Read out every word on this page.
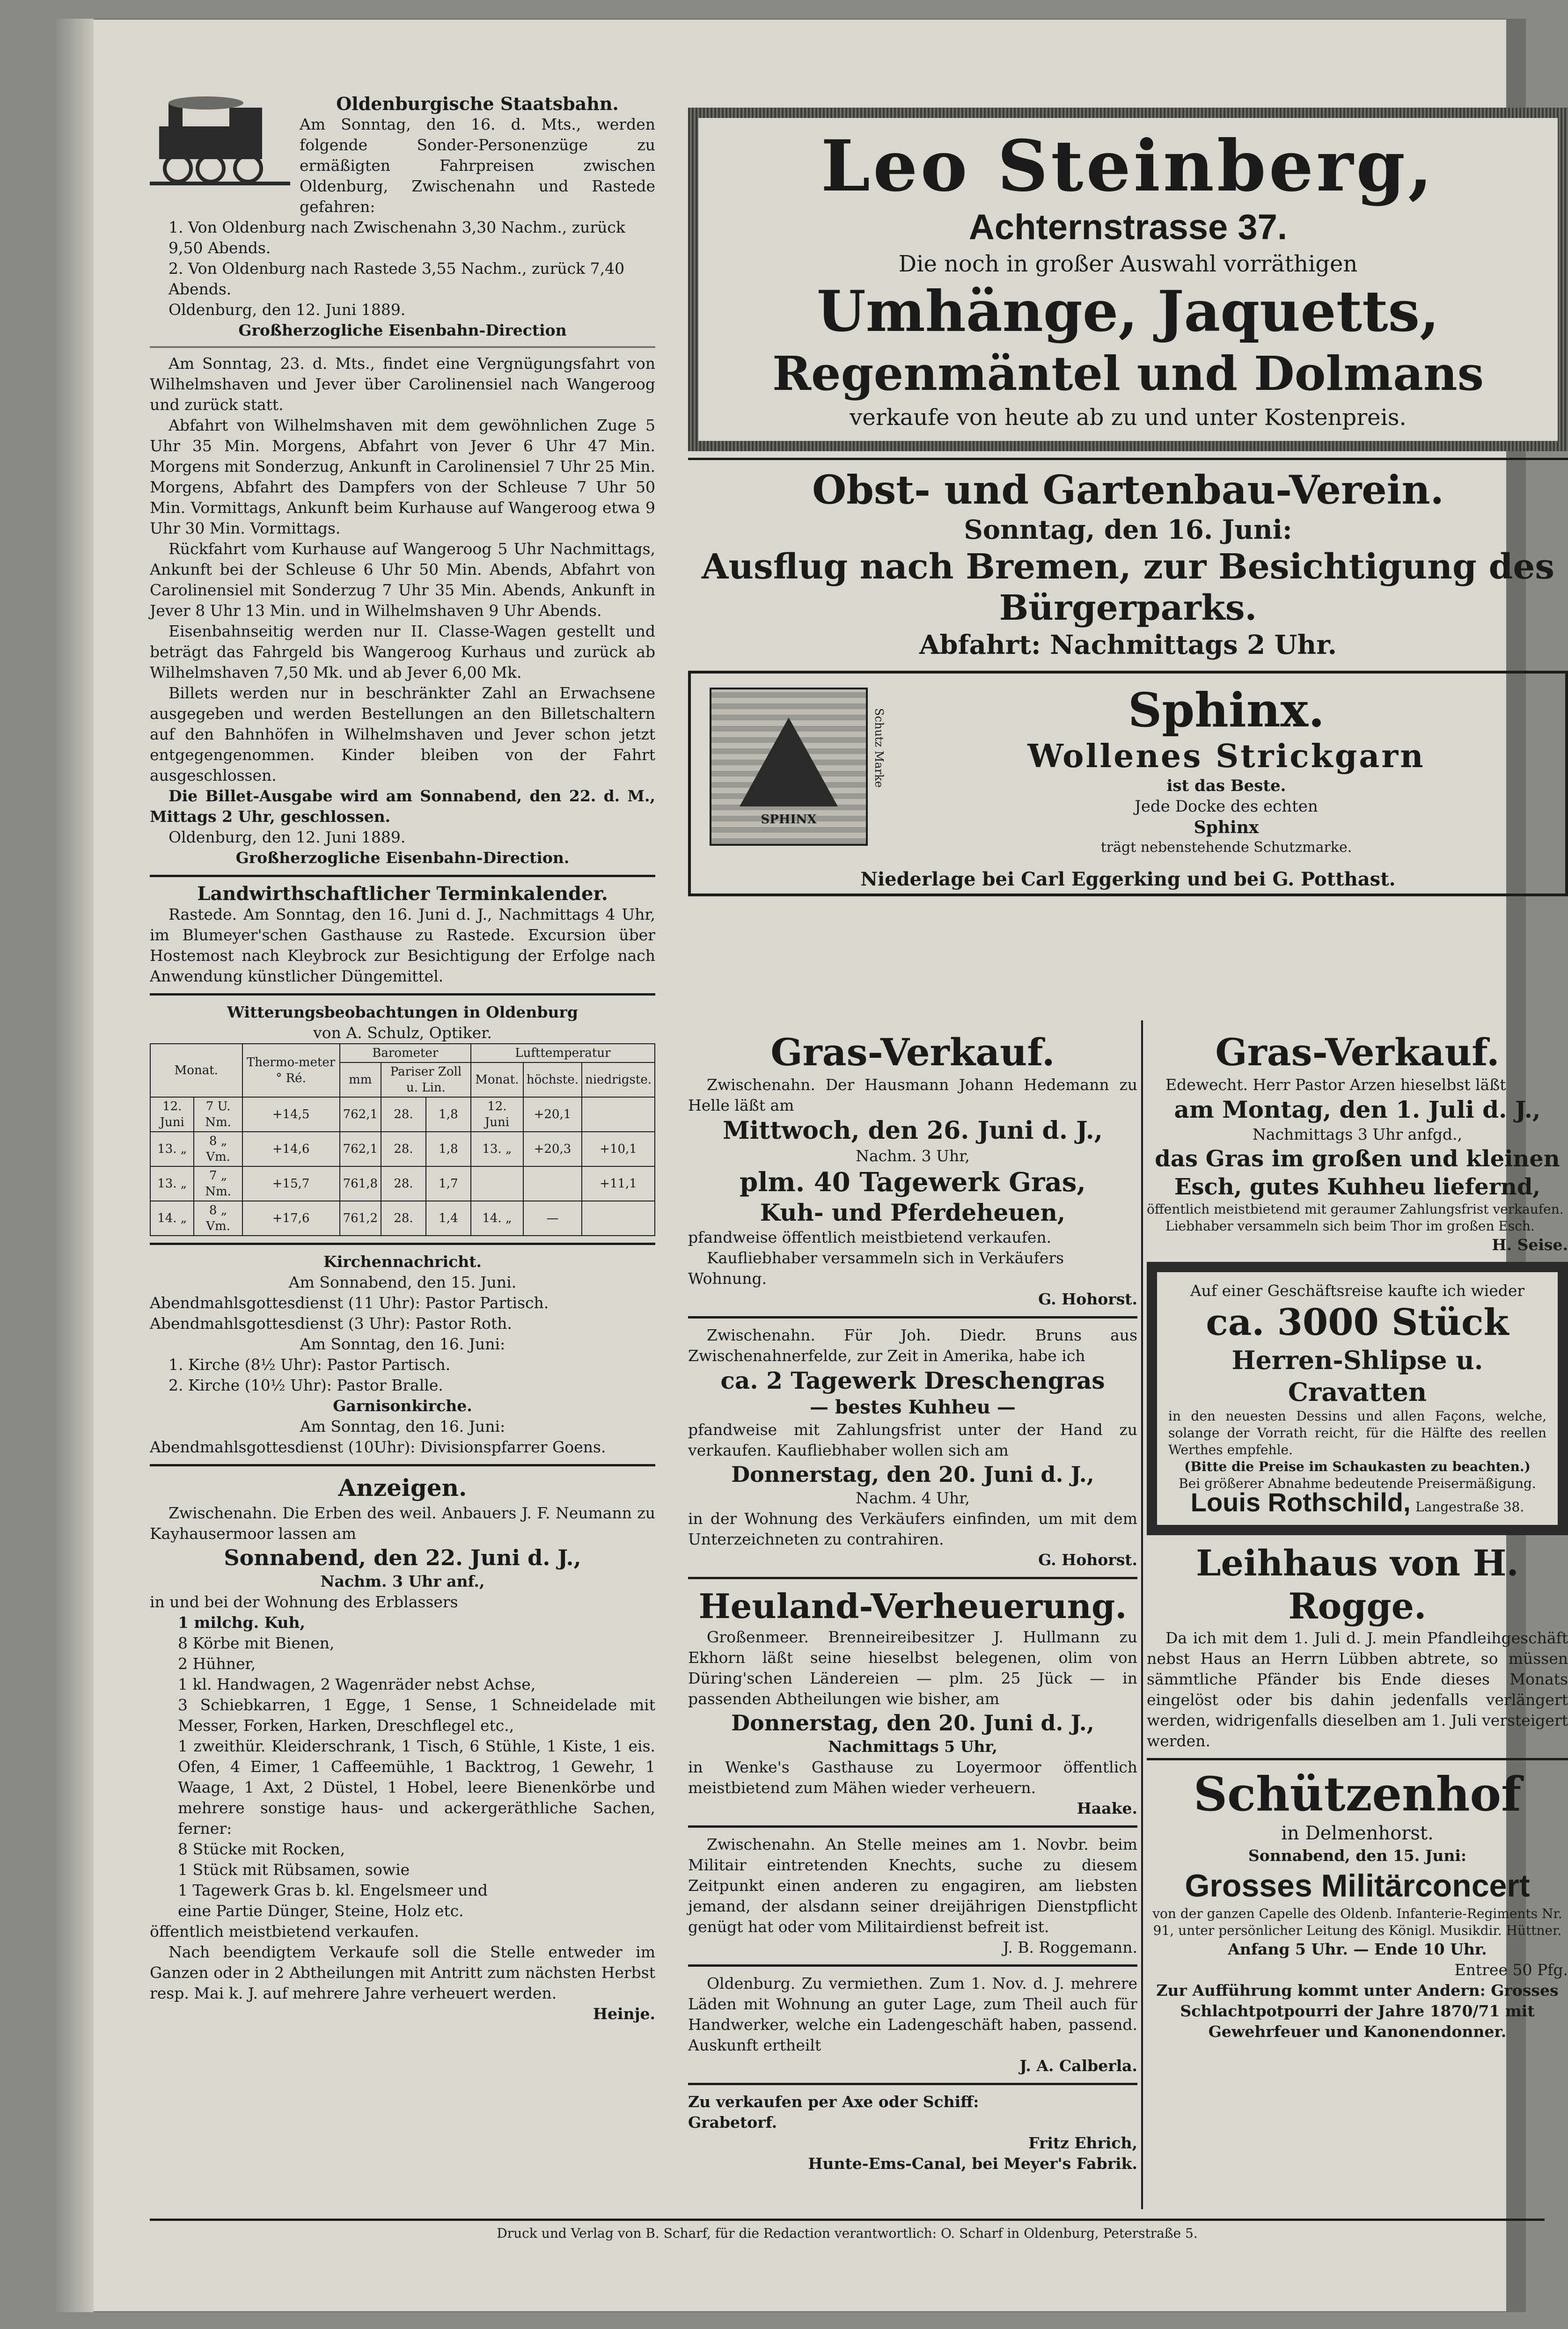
Oldenburgische Staatsbahn.

Am Sonntag, den 16. d. Mts., werden folgende Sonder-Personenzüge zu ermäßigten Fahrpreisen zwischen Oldenburg, Zwischenahn und Rastede gefahren:

1. Von Oldenburg nach Zwischenahn 3,30 Nachm., zurück 9,50 Abends.

2. Von Oldenburg nach Rastede 3,55 Nachm., zurück 7,40 Abends.

Oldenburg, den 12. Juni 1889.

Großherzogliche Eisenbahn-Direction

Am Sonntag, 23. d. Mts., findet eine Vergnügungsfahrt von Wilhelmshaven und Jever über Carolinensiel nach Wangeroog und zurück statt.

Abfahrt von Wilhelmshaven mit dem gewöhnlichen Zuge 5 Uhr 35 Min. Morgens, Abfahrt von Jever 6 Uhr 47 Min. Morgens mit Sonderzug, Ankunft in Carolinensiel 7 Uhr 25 Min. Morgens, Abfahrt des Dampfers von der Schleuse 7 Uhr 50 Min. Vormittags, Ankunft beim Kurhause auf Wangeroog etwa 9 Uhr 30 Min. Vormittags.

Rückfahrt vom Kurhause auf Wangeroog 5 Uhr Nachmittags, Ankunft bei der Schleuse 6 Uhr 50 Min. Abends, Abfahrt von Carolinensiel mit Sonderzug 7 Uhr 35 Min. Abends, Ankunft in Jever 8 Uhr 13 Min. und in Wilhelmshaven 9 Uhr Abends.

Eisenbahnseitig werden nur II. Classe-Wagen gestellt und beträgt das Fahrgeld bis Wangeroog Kurhaus und zurück ab Wilhelmshaven 7,50 Mk. und ab Jever 6,00 Mk.

Billets werden nur in beschränkter Zahl an Erwachsene ausgegeben und werden Bestellungen an den Billetschaltern auf den Bahnhöfen in Wilhelmshaven und Jever schon jetzt entgegengenommen. Kinder bleiben von der Fahrt ausgeschlossen.

Die Billet-Ausgabe wird am Sonnabend, den 22. d. M., Mittags 2 Uhr, geschlossen.

Oldenburg, den 12. Juni 1889.

Großherzogliche Eisenbahn-Direction.

Landwirthschaftlicher Terminkalender.

Rastede. Am Sonntag, den 16. Juni d. J., Nachmittags 4 Uhr, im Blumeyer'schen Gasthause zu Rastede. Excursion über Hostemost nach Kleybrock zur Besichtigung der Erfolge nach Anwendung künstlicher Düngemittel.

Witterungsbeobachtungen in Oldenburg

von A. Schulz, Optiker.

Monat.		Thermo-meter ° Ré.	Barometer			Lufttemperatur		
			mm	Pariser Zoll u. Lin.		Monat.	höchste.	niedrigste.
12. Juni	7 U. Nm.	+14,5	762,1	28.	1,8	12. Juni	+20,1	
13. „	8 „ Vm.	+14,6	762,1	28.	1,8	13. „	+20,3	+10,1
13. „	7 „ Nm.	+15,7	761,8	28.	1,7			+11,1
14. „	8 „ Vm.	+17,6	761,2	28.	1,4	14. „	—	

Kirchennachricht.

Am Sonnabend, den 15. Juni.

Abendmahlsgottesdienst (11 Uhr): Pastor Partisch.

Abendmahlsgottesdienst (3 Uhr): Pastor Roth.

Am Sonntag, den 16. Juni:

1. Kirche (8½ Uhr): Pastor Partisch.

2. Kirche (10½ Uhr): Pastor Bralle.

Garnisonkirche.

Am Sonntag, den 16. Juni:

Abendmahlsgottesdienst (10Uhr): Divisionspfarrer Goens.

Anzeigen.

Zwischenahn. Die Erben des weil. Anbauers J. F. Neumann zu Kayhausermoor lassen am

Sonnabend, den 22. Juni d. J.,

Nachm. 3 Uhr anf.,

in und bei der Wohnung des Erblassers

1 milchg. Kuh,

8 Körbe mit Bienen,

2 Hühner,

1 kl. Handwagen, 2 Wagenräder nebst Achse,

3 Schiebkarren, 1 Egge, 1 Sense, 1 Schneidelade mit Messer, Forken, Harken, Dreschflegel etc.,

1 zweithür. Kleiderschrank, 1 Tisch, 6 Stühle, 1 Kiste, 1 eis. Ofen, 4 Eimer, 1 Caffeemühle, 1 Backtrog, 1 Gewehr, 1 Waage, 1 Axt, 2 Düstel, 1 Hobel, leere Bienenkörbe und mehrere sonstige haus- und ackergeräthliche Sachen, ferner:

8 Stücke mit Rocken,

1 Stück mit Rübsamen, sowie

1 Tagewerk Gras b. kl. Engelsmeer und

eine Partie Dünger, Steine, Holz etc.

öffentlich meistbietend verkaufen.

Nach beendigtem Verkaufe soll die Stelle entweder im Ganzen oder in 2 Abtheilungen mit Antritt zum nächsten Herbst resp. Mai k. J. auf mehrere Jahre verheuert werden.

Heinje.

Leo Steinberg,

Achternstrasse 37.

Die noch in großer Auswahl vorräthigen

Umhänge, Jaquetts,

Regenmäntel und Dolmans

verkaufe von heute ab zu und unter Kostenpreis.

Obst- und Gartenbau-Verein.

Sonntag, den 16. Juni:

Ausflug nach Bremen, zur Besichtigung des Bürgerparks.

Abfahrt: Nachmittags 2 Uhr.

SPHINX
Schutz Marke	Sphinx.

Wollenes Strickgarn

ist das Beste.

Jede Docke des echten

Sphinx

trägt nebenstehende Schutzmarke.

Niederlage bei Carl Eggerking und bei G. Potthast.

Gras-Verkauf.

Zwischenahn. Der Hausmann Johann Hedemann zu Helle läßt am

Mittwoch, den 26. Juni d. J.,

Nachm. 3 Uhr,

plm. 40 Tagewerk Gras,

Kuh- und Pferdeheuen,

pfandweise öffentlich meistbietend verkaufen.

Kaufliebhaber versammeln sich in Verkäufers Wohnung.

G. Hohorst.

Zwischenahn. Für Joh. Diedr. Bruns aus Zwischenahnerfelde, zur Zeit in Amerika, habe ich

ca. 2 Tagewerk Dreschengras

— bestes Kuhheu —

pfandweise mit Zahlungsfrist unter der Hand zu verkaufen. Kaufliebhaber wollen sich am

Donnerstag, den 20. Juni d. J.,

Nachm. 4 Uhr,

in der Wohnung des Verkäufers einfinden, um mit dem Unterzeichneten zu contrahiren.

G. Hohorst.

Heuland-Verheuerung.

Großenmeer. Brenneireibesitzer J. Hullmann zu Ekhorn läßt seine hieselbst belegenen, olim von Düring'schen Ländereien — plm. 25 Jück — in passenden Abtheilungen wie bisher, am

Donnerstag, den 20. Juni d. J.,

Nachmittags 5 Uhr,

in Wenke's Gasthause zu Loyermoor öffentlich meistbietend zum Mähen wieder verheuern.

Haake.

Zwischenahn. An Stelle meines am 1. Novbr. beim Militair eintretenden Knechts, suche zu diesem Zeitpunkt einen anderen zu engagiren, am liebsten jemand, der alsdann seiner dreijährigen Dienstpflicht genügt hat oder vom Militairdienst befreit ist.

J. B. Roggemann.

Oldenburg. Zu vermiethen. Zum 1. Nov. d. J. mehrere Läden mit Wohnung an guter Lage, zum Theil auch für Handwerker, welche ein Ladengeschäft haben, passend. Auskunft ertheilt

J. A. Calberla.

Zu verkaufen per Axe oder Schiff:

Grabetorf.

Fritz Ehrich,

Hunte-Ems-Canal, bei Meyer's Fabrik.

Gras-Verkauf.

Edewecht. Herr Pastor Arzen hieselbst läßt

am Montag, den 1. Juli d. J.,

Nachmittags 3 Uhr anfgd.,

das Gras im großen und kleinen

Esch, gutes Kuhheu liefernd,

öffentlich meistbietend mit geraumer Zahlungsfrist verkaufen.

Liebhaber versammeln sich beim Thor im großen Esch.

H. Seise.

Auf einer Geschäftsreise kaufte ich wieder

ca. 3000 Stück

Herren-Shlipse u. Cravatten

in den neuesten Dessins und allen Façons, welche, solange der Vorrath reicht, für die Hälfte des reellen Werthes empfehle.

(Bitte die Preise im Schaukasten zu beachten.)

Bei größerer Abnahme bedeutende Preisermäßigung.

Louis Rothschild, Langestraße 38.

Leihhaus von H. Rogge.

Da ich mit dem 1. Juli d. J. mein Pfandleihgeschäft nebst Haus an Herrn Lübben abtrete, so müssen sämmtliche Pfänder bis Ende dieses Monats eingelöst oder bis dahin jedenfalls verlängert werden, widrigenfalls dieselben am 1. Juli versteigert werden.

Schützenhof

in Delmenhorst.

Sonnabend, den 15. Juni:

Grosses Militärconcert

von der ganzen Capelle des Oldenb. Infanterie-Regiments Nr. 91, unter persönlicher Leitung des Königl. Musikdir. Hüttner.

Anfang 5 Uhr. — Ende 10 Uhr.

Entree 50 Pfg.

Zur Aufführung kommt unter Andern: Grosses Schlachtpotpourri der Jahre 1870/71 mit Gewehrfeuer und Kanonendonner.

Druck und Verlag von B. Scharf, für die Redaction verantwortlich: O. Scharf in Oldenburg, Peterstraße 5.
